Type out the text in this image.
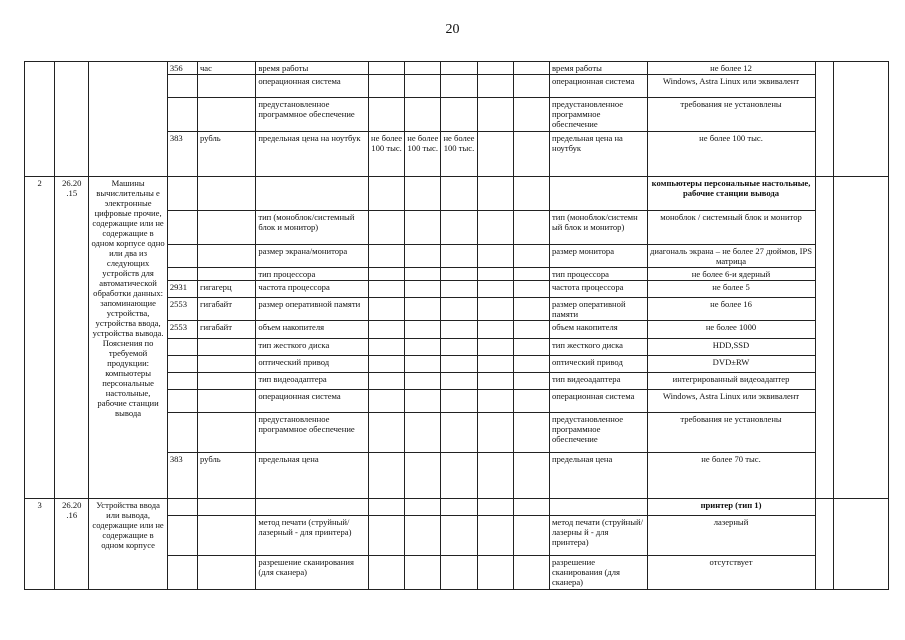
20
			356	час	время работы						время работы	не более 12		
					операционная система						операционная система	Windows, Astra Linux или эквивалент		
					предустановленное программное обеспечение						предустановленное программное обеспечение	требования не установлены		
			383	рубль	предельная цена на ноутбук	не более 100 тыс.	не более 100 тыс.	не более 100 тыс.			предельная цена на ноутбук	не более 100 тыс.		
2	26.20 .15	Машины вычислительны е электронные цифровые прочие, содержащие или не содержащие в одном корпусе одно или два из следующих устройств для автоматической обработки данных: запоминающие устройства, устройства ввода, устройства вывода. Пояснения по требуемой продукции: компьютеры персональные настольные, рабочие станции вывода										компьютеры персональные настольные, рабочие станции вывода		
					тип (моноблок/системный блок и монитор)						тип (моноблок/системн ый блок и монитор)	моноблок / системный блок и монитор		
					размер экрана/монитора						размер монитора	диагональ экрана – не более 27 дюймов, IPS матрица		
					тип процессора						тип процессора	не более 6-и ядерный		
			2931	гигагерц	частота процессора						частота процессора	не более 5		
			2553	гигабайт	размер оперативной памяти						размер оперативной памяти	не более 16		
			2553	гигабайт	объем накопителя						объем накопителя	не более 1000		
					тип жесткого диска						тип жесткого диска	HDD,SSD		
					оптический привод						оптический привод	DVD±RW		
					тип видеоадаптера						тип видеоадаптера	интегрированный видеоадаптер		
					операционная система						операционная система	Windows, Astra Linux или эквивалент		
					предустановленное программное обеспечение						предустановленное программное обеспечение	требования не установлены		
			383	рубль	предельная цена						предельная цена	не более 70 тыс.		
3	26.20 .16	Устройства ввода или вывода, содержащие или не содержащие в одном корпусе										принтер (тип 1)		
					метод печати (струйный/лазерный - для принтера)						метод печати (струйный/лазерны й - для принтера)	лазерный		
					разрешение сканирования (для сканера)						разрешение сканирования (для сканера)	отсутствует		
